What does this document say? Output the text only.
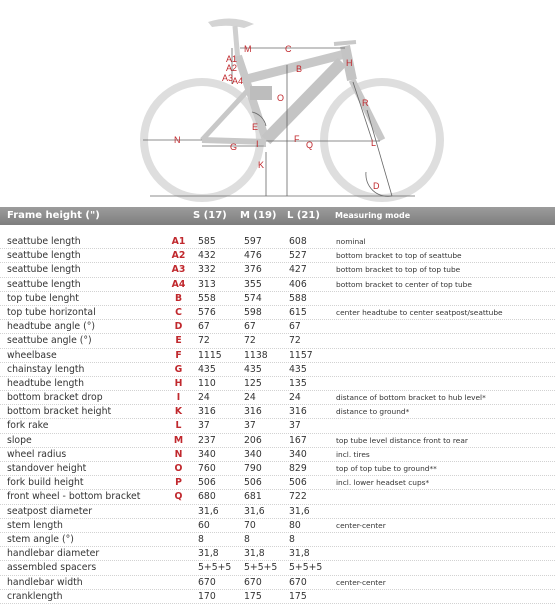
M	C
A1
A2
A3
A4
B
H
O	R
N
G
E
I	F
Q
K
L
D
Frame height (")	S (17) M (19) L (21) Measuring mode
seattube length	A1 585	597	608	nominal
seattube length	A2 432	476	527	bottom bracket to top of seattube
seattube length	A3 332	376	427	bottom bracket to top of top tube
seattube length	A4 313	355	406	bottom bracket to center of top tube
top tube lenght	B	558	574	588
top tube horizontal	C	576	598	615	center headtube to center seatpost/seattube
headtube angle (°)	D	67	67	67
seattube angle (°)	E	72	72	72
wheelbase	F	1115 1138 1157
chainstay length	G	435	435	435
headtube length	H	110	125	135
bottom bracket drop	I	24	24	24	distance of bottom bracket to hub level*
bottom bracket height	K	316	316	316	distance to ground*
fork rake	L	37	37	37
slope	M	237	206	167	top tube level distance front to rear
wheel radius	N	340	340	340	incl. tires
standover height	O	760	790	829	top of top tube to ground**
fork build height	P	506	506	506	incl. lower headset cups*
front wheel - bottom bracket	Q	680	681	722
seatpost diameter	31,6	31,6	31,6
stem length	60	70	80	center-center
stem angle (°)	8	8	8
handlebar diameter	31,8	31,8	31,8
assembled spacers	5+5+5 5+5+5 5+5+5
handlebar width	670	670	670	center-center
cranklength	170	175	175
